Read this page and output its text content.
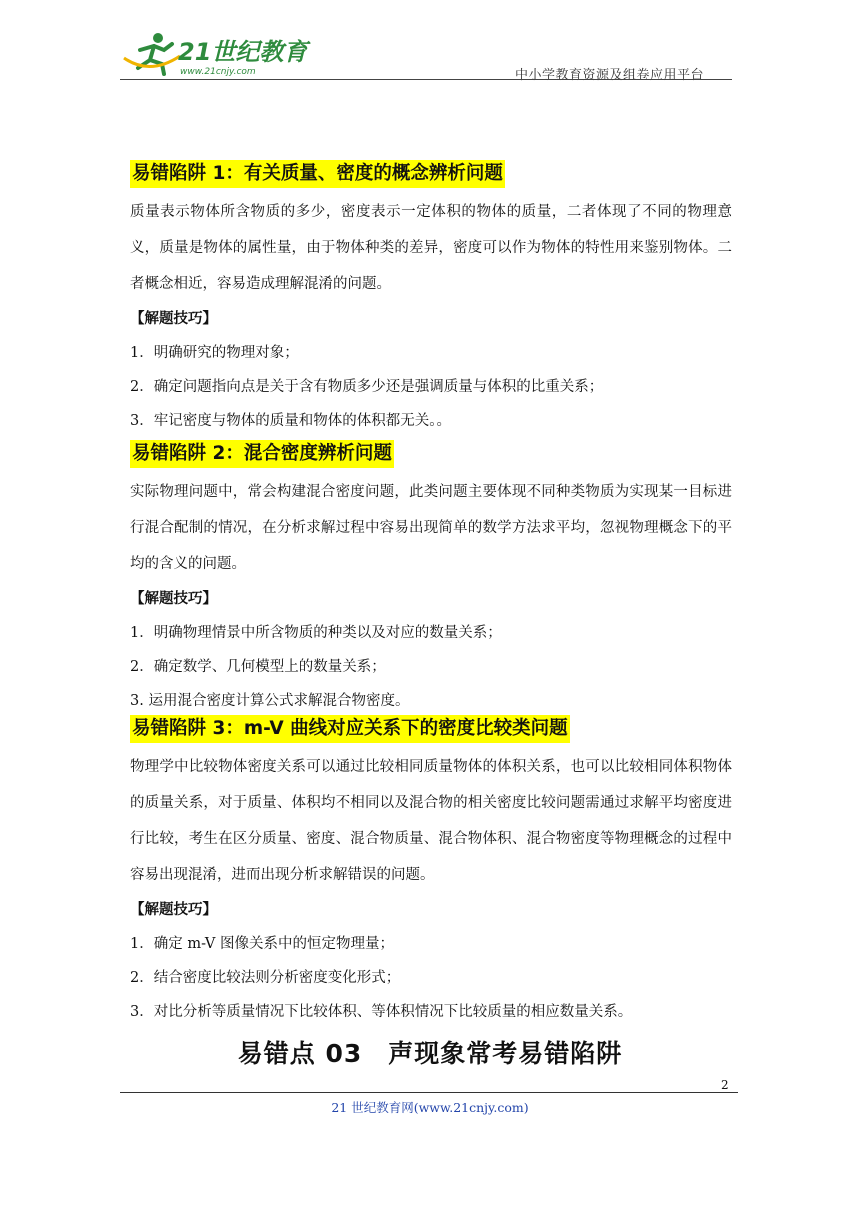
21世纪教育
www.21cnjy.com	中小学教育资源及组卷应用平台
易错陷阱 1：有关质量、密度的概念辨析问题

质量表示物体所含物质的多少，密度表示一定体积的物体的质量，二者体现了不同的物理意义，质量是物体的属性量，由于物体种类的差异，密度可以作为物体的特性用来鉴别物体。二者概念相近，容易造成理解混淆的问题。

【解题技巧】

1．明确研究的物理对象；

2．确定问题指向点是关于含有物质多少还是强调质量与体积的比重关系；

3．牢记密度与物体的质量和物体的体积都无关。。

易错陷阱 2：混合密度辨析问题

实际物理问题中，常会构建混合密度问题，此类问题主要体现不同种类物质为实现某一目标进行混合配制的情况，在分析求解过程中容易出现简单的数学方法求平均，忽视物理概念下的平均的含义的问题。

【解题技巧】

1．明确物理情景中所含物质的种类以及对应的数量关系；

2．确定数学、几何模型上的数量关系；

3. 运用混合密度计算公式求解混合物密度。

易错陷阱 3：m-V 曲线对应关系下的密度比较类问题

物理学中比较物体密度关系可以通过比较相同质量物体的体积关系，也可以比较相同体积物体的质量关系，对于质量、体积均不相同以及混合物的相关密度比较问题需通过求解平均密度进行比较，考生在区分质量、密度、混合物质量、混合物体积、混合物密度等物理概念的过程中容易出现混淆，进而出现分析求解错误的问题。

【解题技巧】

1．确定 m-V 图像关系中的恒定物理量；

2．结合密度比较法则分析密度变化形式；

3．对比分析等质量情况下比较体积、等体积情况下比较质量的相应数量关系。

易错点 03　声现象常考易错陷阱
2
21 世纪教育网(www.21cnjy.com)
